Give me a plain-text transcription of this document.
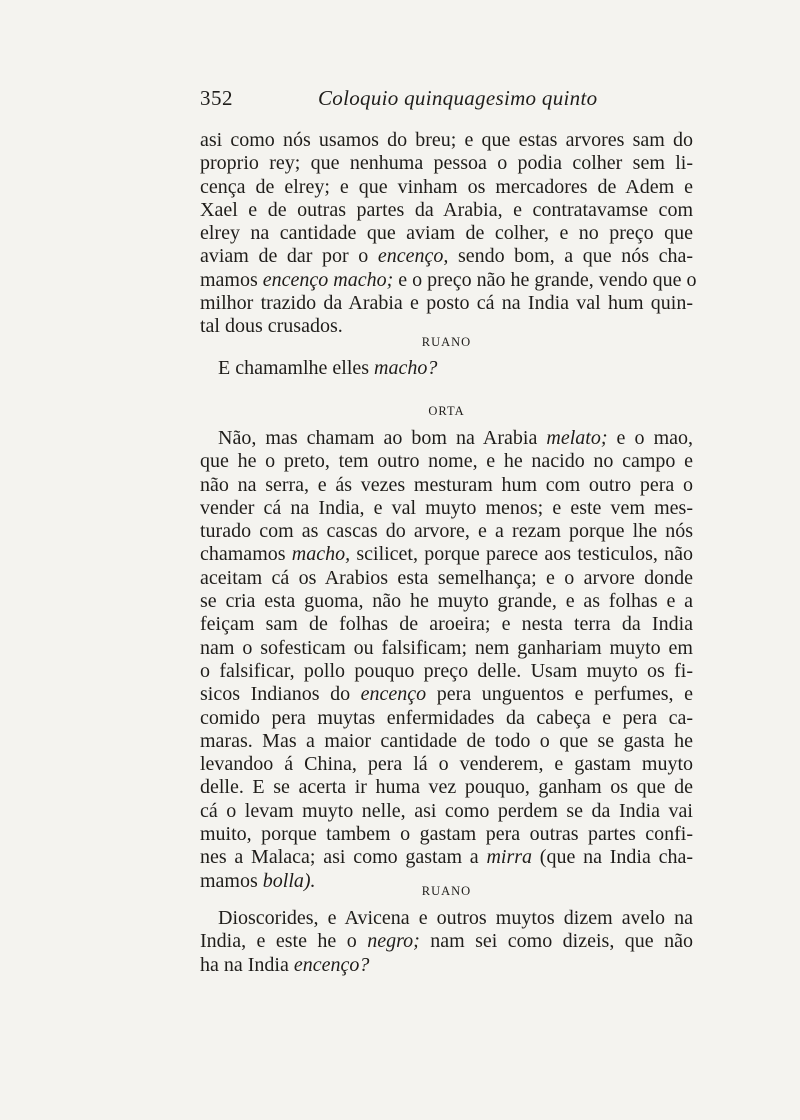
352	Coloquio quinquagesimo quinto
asi como nós usamos do breu; e que estas arvores sam do
proprio rey; que nenhuma pessoa o podia colher sem li-
cença de elrey; e que vinham os mercadores de Adem e
Xael e de outras partes da Arabia, e contratavamse com
elrey na cantidade que aviam de colher, e no preço que
aviam de dar por o encenço, sendo bom, a que nós cha-
mamos encenço macho; e o preço não he grande, vendo que o
milhor trazido da Arabia e posto cá na India val hum quin-
tal dous crusados.
RUANO
E chamamlhe elles macho?
ORTA
Não, mas chamam ao bom na Arabia melato; e o mao,
que he o preto, tem outro nome, e he nacido no campo e
não na serra, e ás vezes mesturam hum com outro pera o
vender cá na India, e val muyto menos; e este vem mes-
turado com as cascas do arvore, e a rezam porque lhe nós
chamamos macho, scilicet, porque parece aos testiculos, não
aceitam cá os Arabios esta semelhança; e o arvore donde
se cria esta guoma, não he muyto grande, e as folhas e a
feiçam sam de folhas de aroeira; e nesta terra da India
nam o sofesticam ou falsificam; nem ganhariam muyto em
o falsificar, pollo pouquo preço delle. Usam muyto os fi-
sicos Indianos do encenço pera unguentos e perfumes, e
comido pera muytas enfermidades da cabeça e pera ca-
maras. Mas a maior cantidade de todo o que se gasta he
levandoo á China, pera lá o venderem, e gastam muyto
delle. E se acerta ir huma vez pouquo, ganham os que de
cá o levam muyto nelle, asi como perdem se da India vai
muito, porque tambem o gastam pera outras partes confi-
nes a Malaca; asi como gastam a mirra (que na India cha-
mamos bolla).	RUANO
Dioscorides, e Avicena e outros muytos dizem avelo na
India, e este he o negro; nam sei como dizeis, que não
ha na India encenço?
